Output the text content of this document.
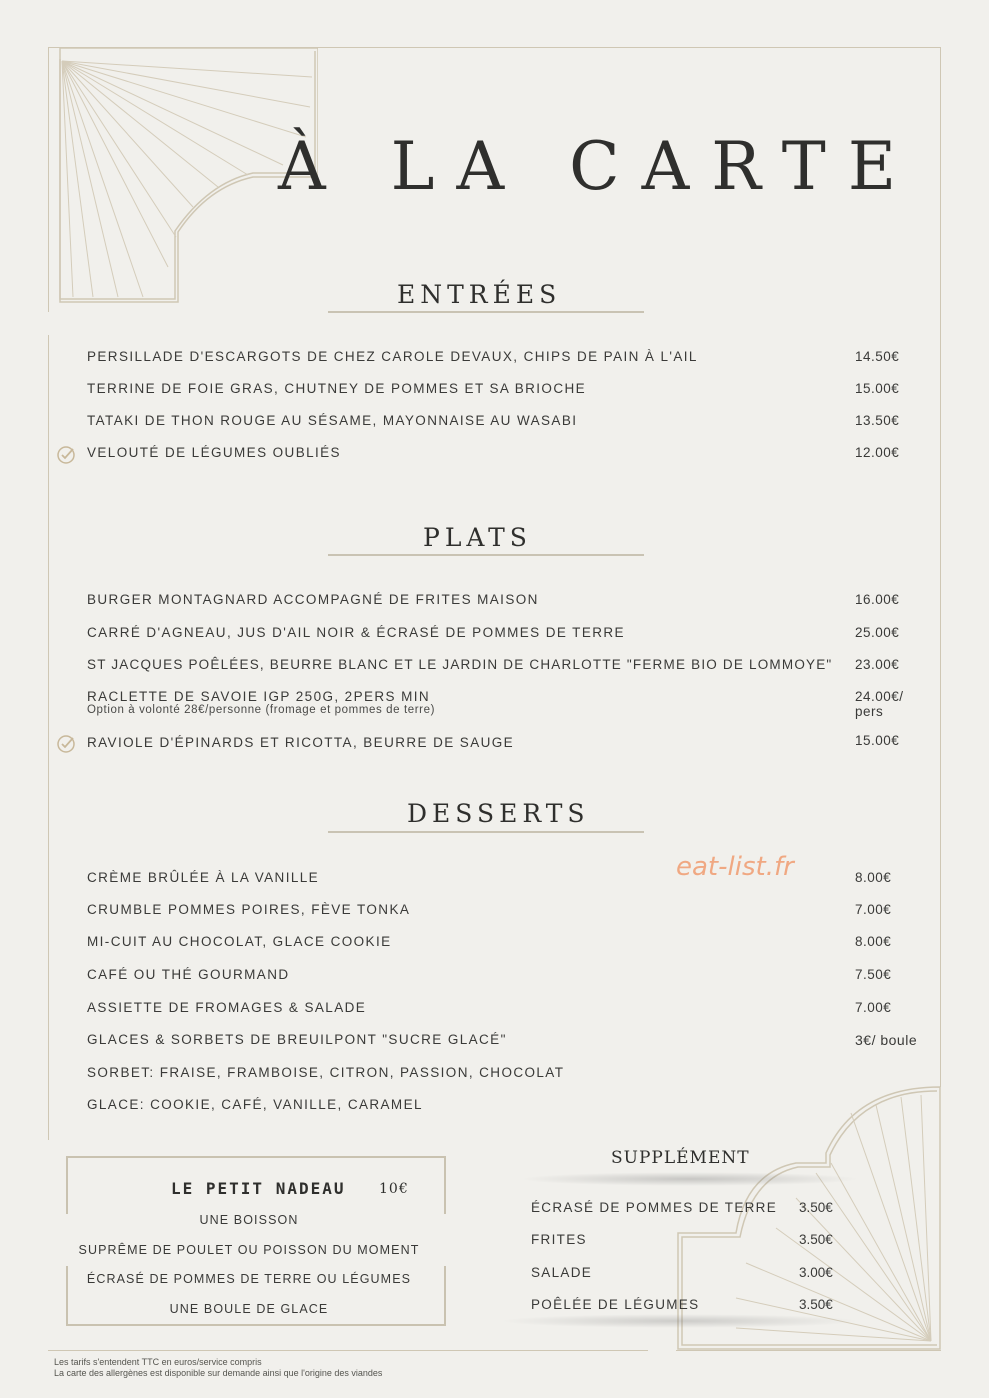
À LA CARTE
ENTRÉES
PERSILLADE D'ESCARGOTS DE CHEZ CAROLE DEVAUX, CHIPS DE PAIN À L'AIL	14.50€
TERRINE DE FOIE GRAS, CHUTNEY DE POMMES ET SA BRIOCHE	15.00€
TATAKI DE THON ROUGE AU SÉSAME, MAYONNAISE AU WASABI	13.50€
VELOUTÉ DE LÉGUMES OUBLIÉS	12.00€
PLATS
BURGER MONTAGNARD ACCOMPAGNÉ DE FRITES MAISON	16.00€
CARRÉ D'AGNEAU, JUS D'AIL NOIR & ÉCRASÉ DE POMMES DE TERRE	25.00€
ST JACQUES POÊLÉES, BEURRE BLANC ET LE JARDIN DE CHARLOTTE "FERME BIO DE LOMMOYE" 23.00€
RACLETTE DE SAVOIE IGP 250G, 2PERS MIN
Option à volonté 28€/personne (fromage et pommes de terre)
24.00€/
pers
RAVIOLE D'ÉPINARDS ET RICOTTA, BEURRE DE SAUGE	15.00€
DESSERTS
eat-list.fr
CRÈME BRÛLÉE À LA VANILLE	8.00€
CRUMBLE POMMES POIRES, FÈVE TONKA	7.00€
MI-CUIT AU CHOCOLAT, GLACE COOKIE	8.00€
CAFÉ OU THÉ GOURMAND	7.50€
ASSIETTE DE FROMAGES & SALADE	7.00€
GLACES & SORBETS DE BREUILPONT "SUCRE GLACÉ"	3€/ boule
SORBET: FRAISE, FRAMBOISE, CITRON, PASSION, CHOCOLAT
GLACE: COOKIE, CAFÉ, VANILLE, CARAMEL
LE PETIT NADEAU 10€
UNE BOISSON
SUPRÊME DE POULET OU POISSON DU MOMENT
ÉCRASÉ DE POMMES DE TERRE OU LÉGUMES
UNE BOULE DE GLACE
SUPPLÉMENT
ÉCRASÉ DE POMMES DE TERRE 3.50€
FRITES	3.50€
SALADE	3.00€
POÊLÉE DE LÉGUMES	3.50€
Les tarifs s'entendent TTC en euros/service compris
La carte des allergènes est disponible sur demande ainsi que l'origine des viandes
